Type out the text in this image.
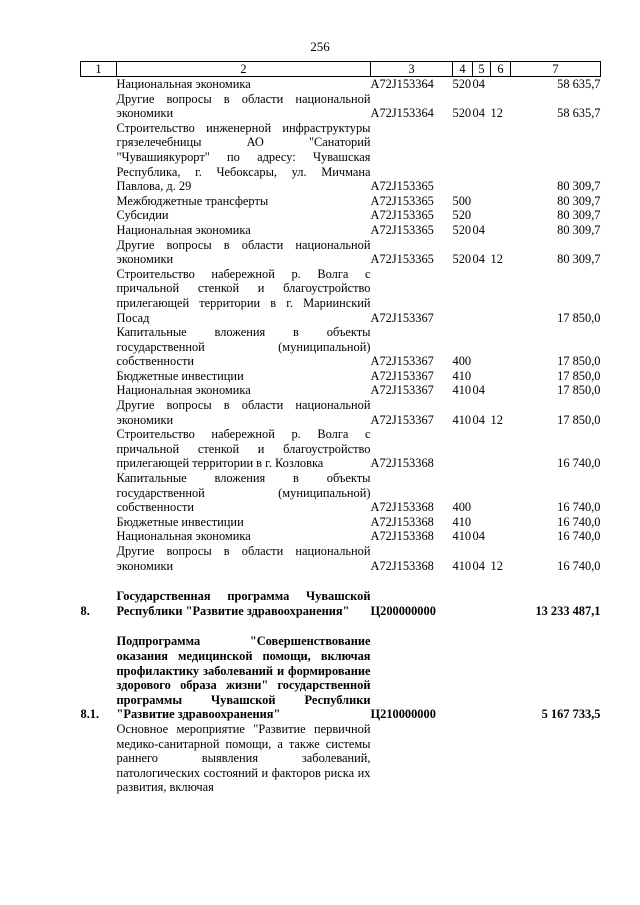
256
1	2	3	4	5	6	7
	Национальная экономика	А72J153364	520	04		58 635,7
	Другие вопросы в области национальной экономики	А72J153364	520	04	12	58 635,7
	Строительство инженерной инфраструктуры грязелечебницы АО "Санаторий "Чувашиякурорт" по адресу: Чувашская Республика, г. Чебоксары, ул. Мичмана Павлова, д. 29	А72J153365				80 309,7
	Межбюджетные трансферты	А72J153365	500			80 309,7
	Субсидии	А72J153365	520			80 309,7
	Национальная экономика	А72J153365	520	04		80 309,7
	Другие вопросы в области национальной экономики	А72J153365	520	04	12	80 309,7
	Строительство набережной р. Волга с причальной стенкой и благоустройство прилегающей территории в г. Мариинский Посад	А72J153367				17 850,0
	Капитальные вложения в объекты государственной (муниципальной) собственности	А72J153367	400			17 850,0
	Бюджетные инвестиции	А72J153367	410			17 850,0
	Национальная экономика	А72J153367	410	04		17 850,0
	Другие вопросы в области национальной экономики	А72J153367	410	04	12	17 850,0
	Строительство набережной р. Волга с причальной стенкой и благоустройство прилегающей территории в г. Козловка	А72J153368				16 740,0
	Капитальные вложения в объекты государственной (муниципальной) собственности	А72J153368	400			16 740,0
	Бюджетные инвестиции	А72J153368	410			16 740,0
	Национальная экономика	А72J153368	410	04		16 740,0
	Другие вопросы в области национальной экономики	А72J153368	410	04	12	16 740,0
8.	Государственная программа Чувашской Республики "Развитие здравоохранения"	Ц200000000				13 233 487,1
8.1.	Подпрограмма "Совершенствование оказания медицинской помощи, включая профилактику заболеваний и формирование здорового образа жизни" государственной программы Чувашской Республики "Развитие здравоохранения"	Ц210000000				5 167 733,5
	Основное мероприятие "Развитие первичной медико-санитарной помощи, а также системы раннего выявления заболеваний, патологических состояний и факторов риска их развития, включая					
